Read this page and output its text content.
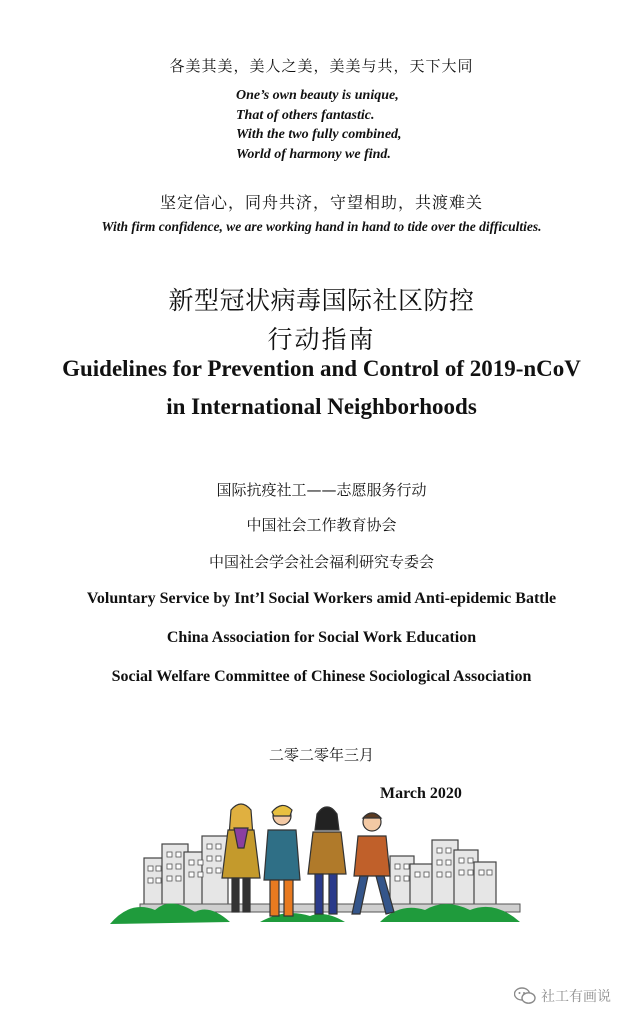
各美其美，美人之美，美美与共，天下大同
One’s own beauty is unique,
That of others fantastic.
With the two fully combined,
World of harmony we find.
坚定信心，同舟共济，守望相助，共渡难关
With firm confidence, we are working hand in hand to tide over the difficulties.
新型冠状病毒国际社区防控
行动指南
Guidelines for Prevention and Control of 2019-nCoV
in International Neighborhoods
国际抗疫社工——志愿服务行动
中国社会工作教育协会
中国社会学会社会福利研究专委会
Voluntary Service by Int’l Social Workers amid Anti-epidemic Battle
China Association for Social Work Education
Social Welfare Committee of Chinese Sociological Association
二零二零年三月
March 2020
社工有画说
